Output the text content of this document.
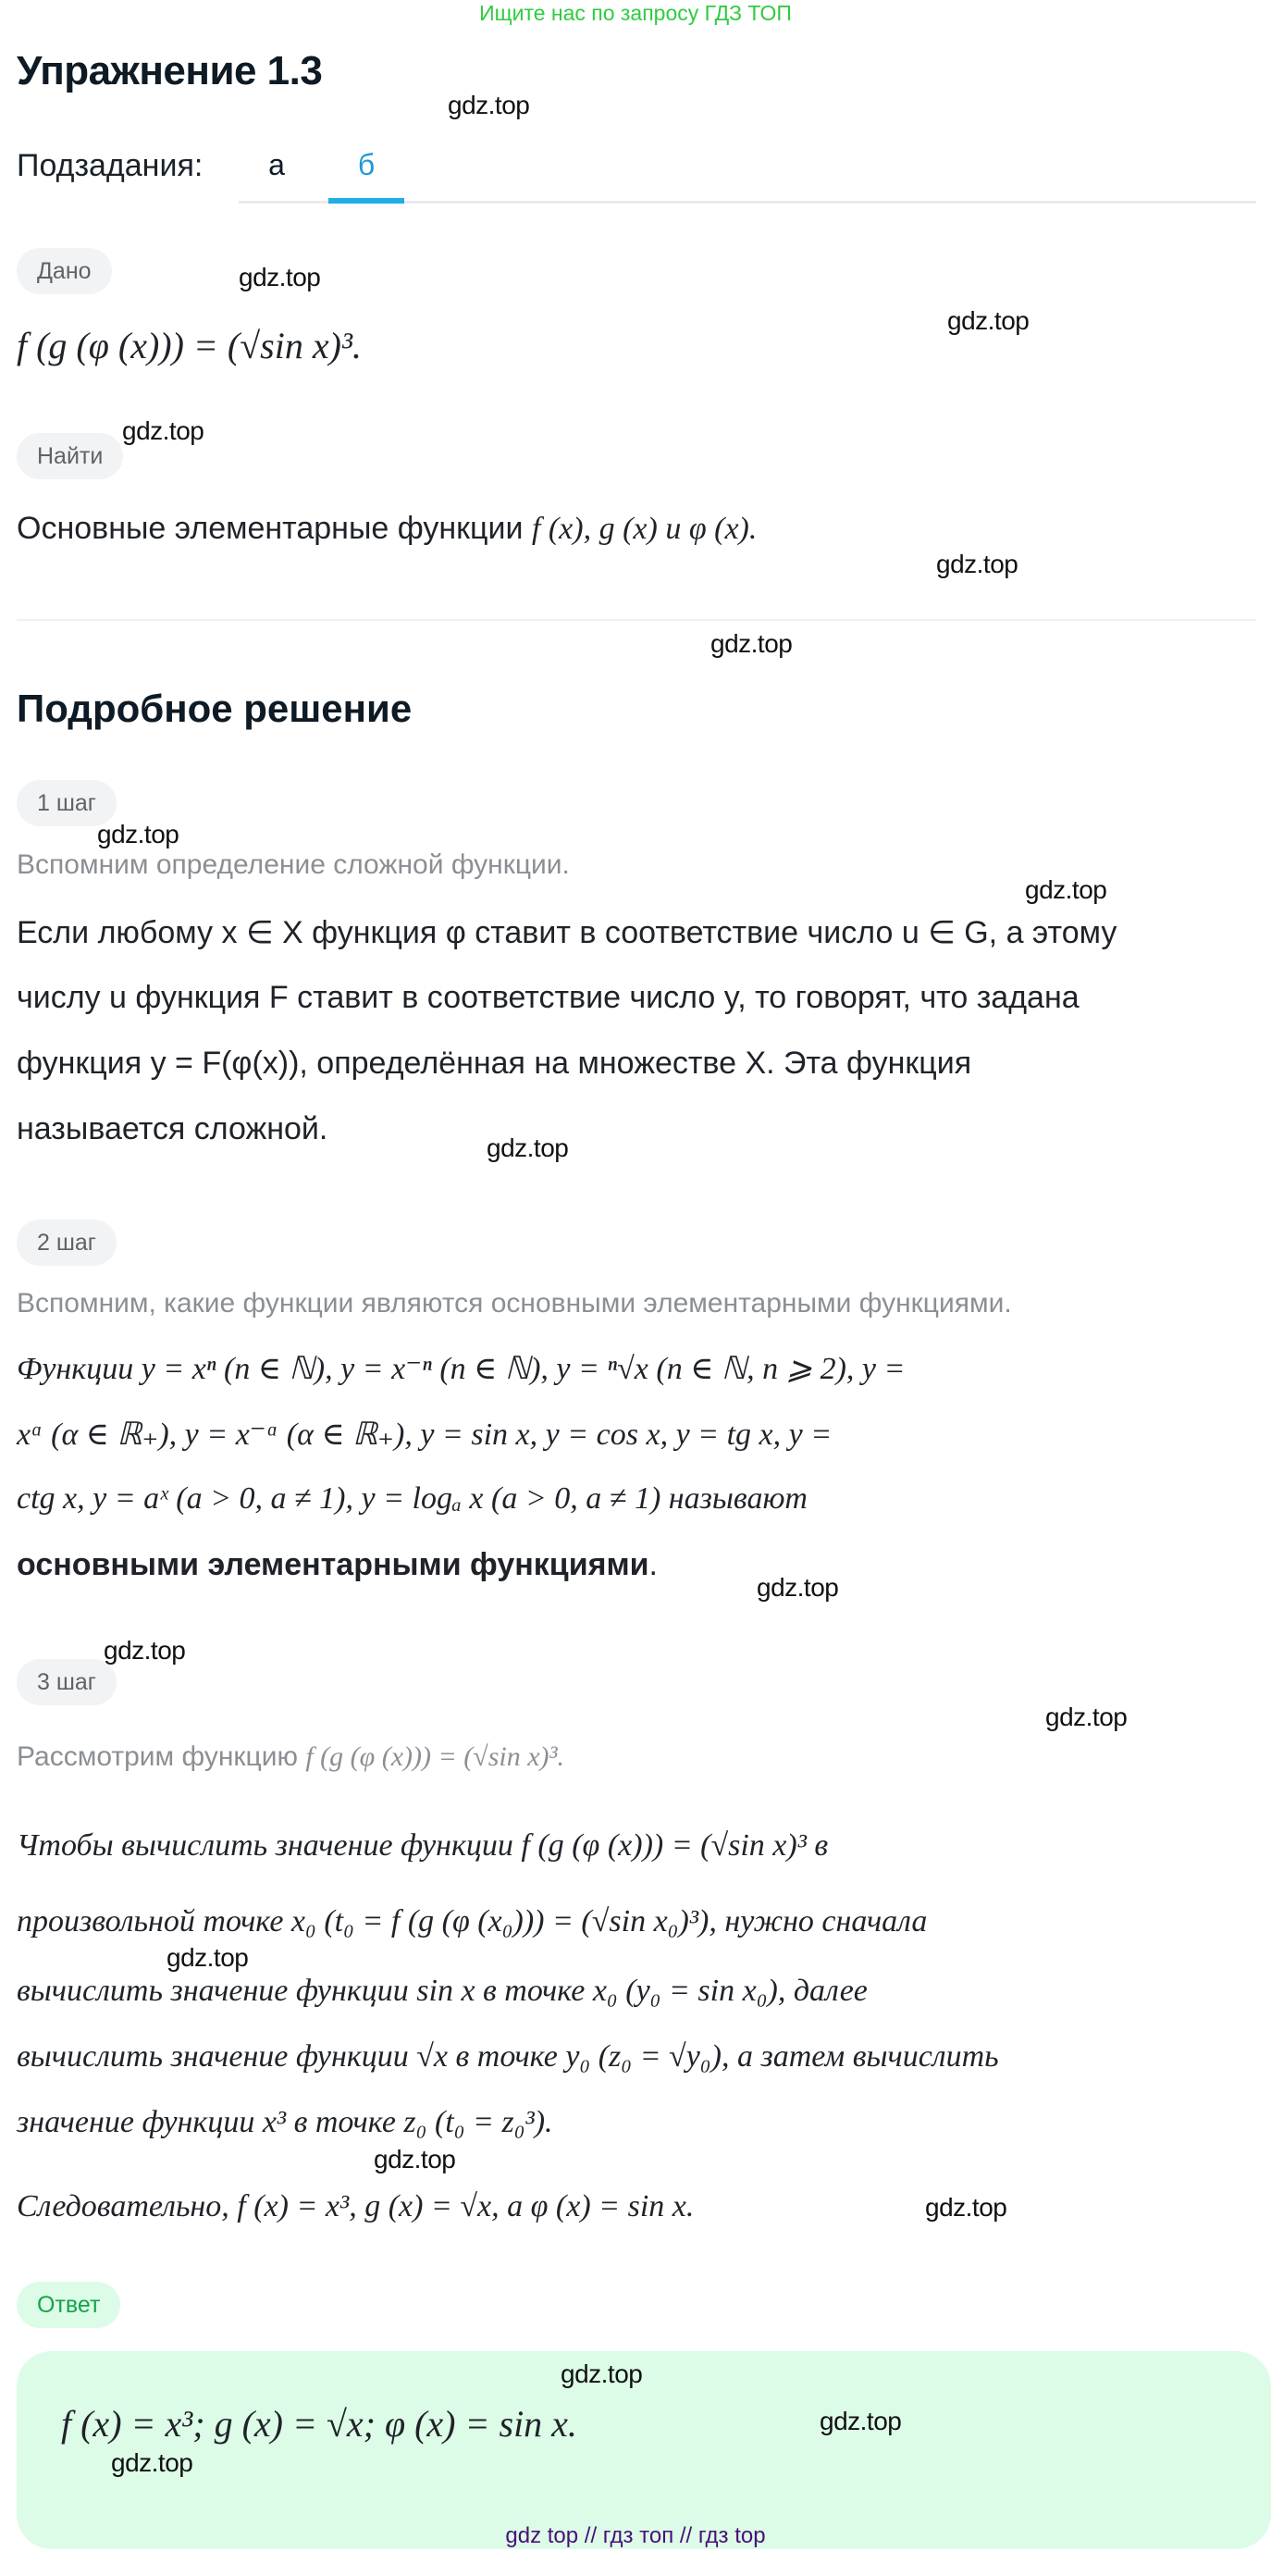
Ищите нас по запросу ГДЗ ТОП
Упражнение 1.3
gdz.top
Подзадания:	а	б
Дано	gdz.top
gdz.top
f (g (φ (x))) = (√sin x)³.
gdz.top
Найти
Основные элементарные функции f (x), g (x) и φ (x).
gdz.top
gdz.top
Подробное решение
1 шаг
gdz.top
Вспомним определение сложной функции.
gdz.top
Если любому x ∈ X функция φ ставит в соответствие число u ∈ G, а этому
числу u функция F ставит в соответствие число y, то говорят, что задана
функция y = F(φ(x)), определённая на множестве X. Эта функция
называется сложной.
gdz.top
2 шаг
Вспомним, какие функции являются основными элементарными функциями.
Функции y = xⁿ (n ∈ ℕ), y = x⁻ⁿ (n ∈ ℕ), y = ⁿ√x (n ∈ ℕ, n ⩾ 2), y =
xᵅ (α ∈ ℝ₊), y = x⁻ᵅ (α ∈ ℝ₊), y = sin x, y = cos x, y = tg x, y =
ctg x, y = aˣ (a > 0, a ≠ 1), y = logₐ x (a > 0, a ≠ 1) называют
основными элементарными функциями.
gdz.top
gdz.top
3 шаг
gdz.top
Рассмотрим функцию f (g (φ (x))) = (√sin x)³.
Чтобы вычислить значение функции f (g (φ (x))) = (√sin x)³ в
произвольной точке x₀ (t₀ = f (g (φ (x₀))) = (√sin x₀)³), нужно сначала
gdz.top
вычислить значение функции sin x в точке x₀ (y₀ = sin x₀), далее
вычислить значение функции √x в точке y₀ (z₀ = √y₀), а затем вычислить
значение функции x³ в точке z₀ (t₀ = z₀³).
gdz.top
Следовательно, f (x) = x³, g (x) = √x, а φ (x) = sin x.	gdz.top
Ответ
gdz.top
f (x) = x³; g (x) = √x; φ (x) = sin x.	gdz.top
gdz.top
gdz top // гдз топ // гдз top
